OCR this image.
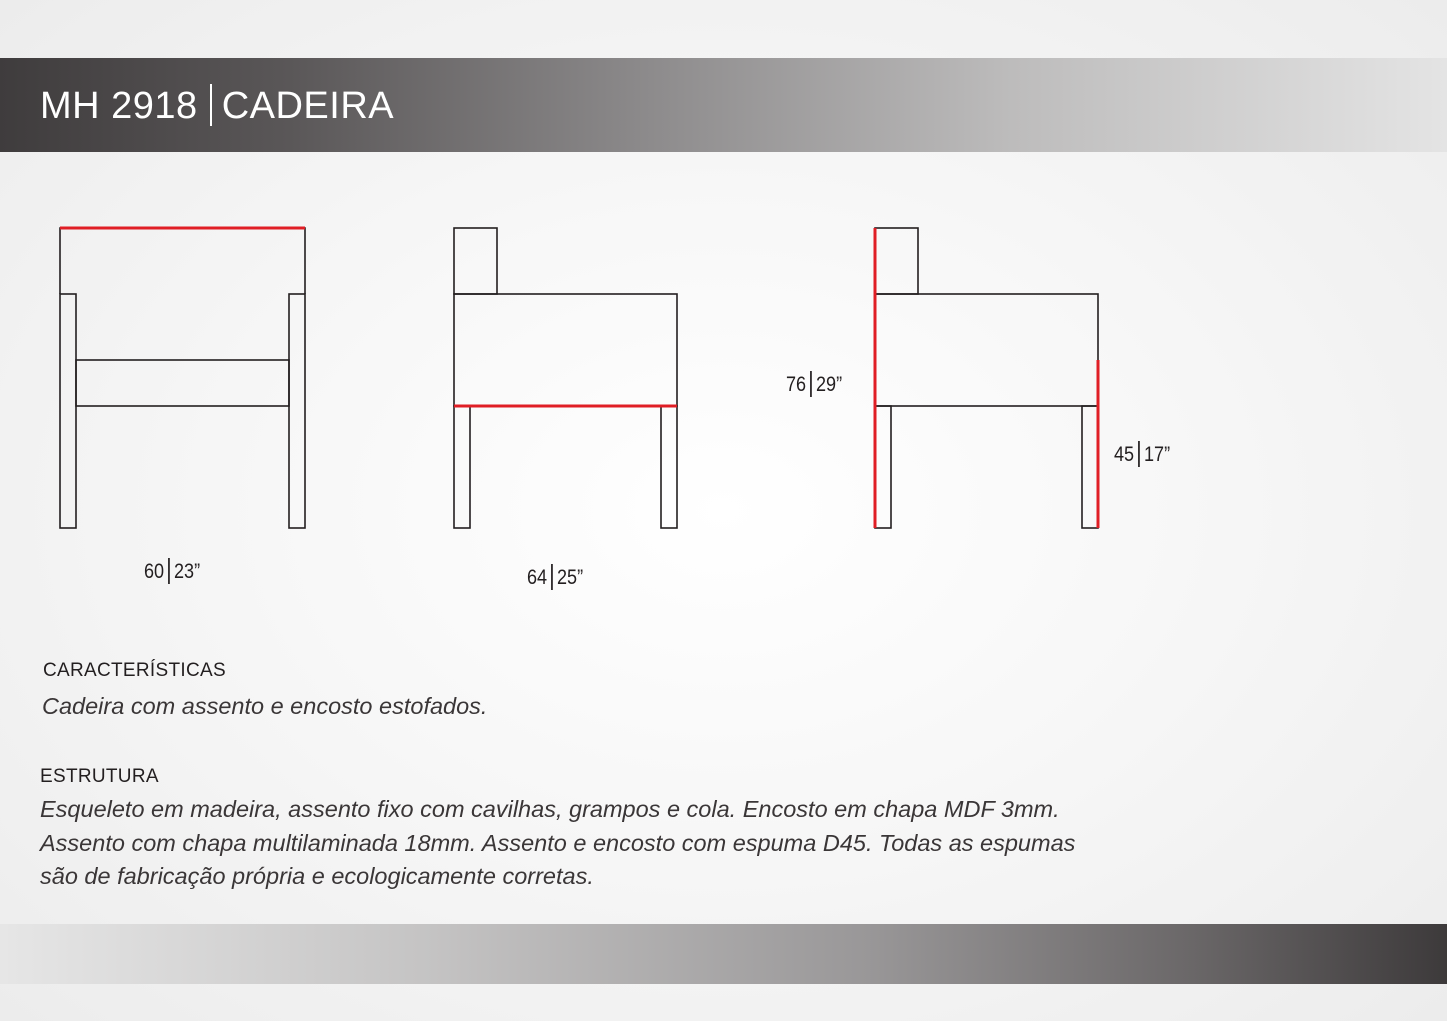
MH 2918 CADEIRA
60 23”	64 25”
76 29”
45 17”
CARACTERÍSTICAS
Cadeira com assento e encosto estofados.
ESTRUTURA
Esqueleto em madeira, assento fixo com cavilhas, grampos e cola. Encosto em chapa MDF 3mm.
Assento com chapa multilaminada 18mm. Assento e encosto com espuma D45. Todas as espumas
são de fabricação própria e ecologicamente corretas.
